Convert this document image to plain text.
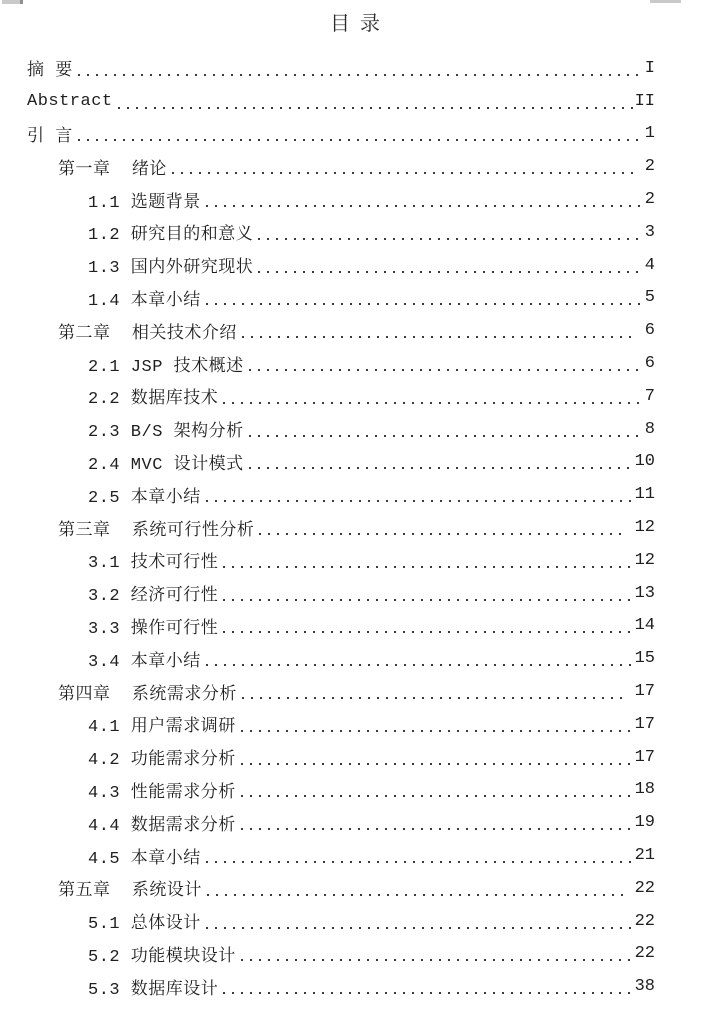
目  录
摘 要	I
Abstract	II
引 言	1
第一章  绪论	2
1.1 选题背景	2
1.2 研究目的和意义	3
1.3 国内外研究现状	4
1.4 本章小结	5
第二章  相关技术介绍	6
2.1 JSP 技术概述	6
2.2 数据库技术	7
2.3 B/S 架构分析	8
2.4 MVC 设计模式	10
2.5 本章小结	11
第三章  系统可行性分析	12
3.1 技术可行性	12
3.2 经济可行性	13
3.3 操作可行性	14
3.4 本章小结	15
第四章  系统需求分析	17
4.1 用户需求调研	17
4.2 功能需求分析	17
4.3 性能需求分析	18
4.4 数据需求分析	19
4.5 本章小结	21
第五章  系统设计	22
5.1 总体设计	22
5.2 功能模块设计	22
5.3 数据库设计	38
